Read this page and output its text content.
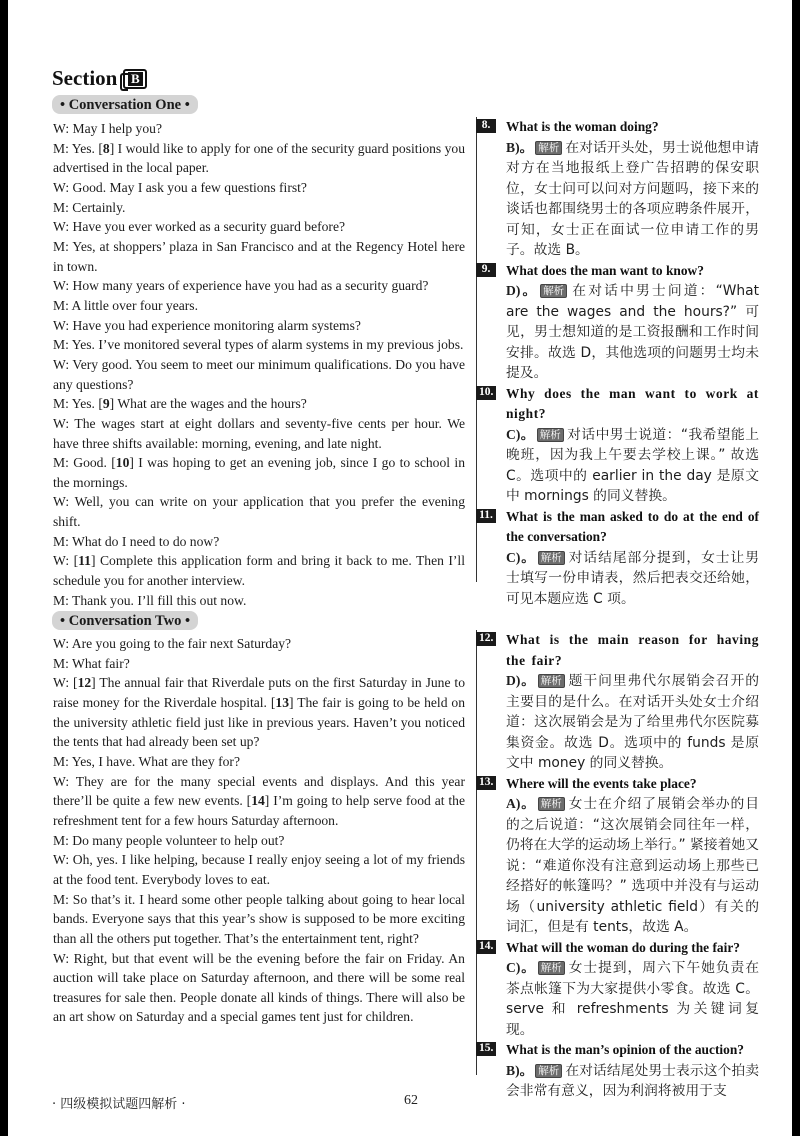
Section B
• Conversation One •

W: May I help you?

M: Yes. [8] I would like to apply for one of the security guard positions you advertised in the local paper.

W: Good. May I ask you a few questions first?

M: Certainly.

W: Have you ever worked as a security guard before?

M: Yes, at shoppers’ plaza in San Francisco and at the Regency Hotel here in town.

W: How many years of experience have you had as a security guard?

M: A little over four years.

W: Have you had experience monitoring alarm systems?

M: Yes. I’ve monitored several types of alarm systems in my previous jobs.

W: Very good. You seem to meet our minimum qualifications. Do you have any questions?

M: Yes. [9] What are the wages and the hours?

W: The wages start at eight dollars and seventy-five cents per hour. We have three shifts available: morning, evening, and late night.

M: Good. [10] I was hoping to get an evening job, since I go to school in the mornings.

W: Well, you can write on your application that you prefer the evening shift.

M: What do I need to do now?

W: [11] Complete this application form and bring it back to me. Then I’ll schedule you for another interview.

M: Thank you. I’ll fill this out now.

• Conversation Two •

W: Are you going to the fair next Saturday?

M: What fair?

W: [12] The annual fair that Riverdale puts on the first Saturday in June to raise money for the Riverdale hospital. [13] The fair is going to be held on the university athletic field just like in previous years. Haven’t you noticed the tents that had already been set up?

M: Yes, I have. What are they for?

W: They are for the many special events and displays. And this year there’ll be quite a few new events. [14] I’m going to help serve food at the refreshment tent for a few hours Saturday afternoon.

M: Do many people volunteer to help out?

W: Oh, yes. I like helping, because I really enjoy seeing a lot of my friends at the food tent. Everybody loves to eat.

M: So that’s it. I heard some other people talking about going to hear local bands. Everyone says that this year’s show is supposed to be more exciting than all the others put together. That’s the entertainment tent, right?

W: Right, but that event will be the evening before the fair on Friday. An auction will take place on Saturday afternoon, and there will be some real treasures for sale then. People donate all kinds of things. There will also be an art show on Saturday and a special games tent just for children.

8.	What is the woman doing?
B)。 解析 在对话开头处，男士说他想申请对方在当地报纸上登广告招聘的保安职位，女士问可以问对方问题吗，接下来的谈话也都围绕男士的各项应聘条件展开，可知，女士正在面试一位申请工作的男子。故选 B。
9.	What does the man want to know?
D)。 解析 在对话中男士问道：“What are the wages and the hours?” 可见，男士想知道的是工资报酬和工作时间安排。故选 D，其他选项的问题男士均未提及。
10. Why does the man want to work at night?
C)。 解析 对话中男士说道：“我希望能上晚班，因为我上午要去学校上课。” 故选 C。选项中的 earlier in the day 是原文中 mornings 的同义替换。
11. What is the man asked to do at the end of the conversation?
C)。 解析 对话结尾部分提到，女士让男士填写一份申请表，然后把表交还给她，可见本题应选 C 项。
12. What is the main reason for having the fair?
D)。 解析 题干问里弗代尔展销会召开的主要目的是什么。在对话开头处女士介绍道：这次展销会是为了给里弗代尔医院募集资金。故选 D。选项中的 funds 是原文中 money 的同义替换。
13. Where will the events take place?
A)。 解析 女士在介绍了展销会举办的目的之后说道：“这次展销会同往年一样，仍将在大学的运动场上举行。” 紧接着她又说：“难道你没有注意到运动场上那些已经搭好的帐篷吗？” 选项中并没有与运动场（university athletic field）有关的词汇，但是有 tents，故选 A。
14. What will the woman do during the fair?
C)。 解析 女士提到，周六下午她负责在茶点帐篷下为大家提供小零食。故选 C。serve 和 refreshments 为关键词复现。
15. What is the man’s opinion of the auction?
B)。 解析 在对话结尾处男士表示这个拍卖会非常有意义，因为利润将被用于支
· 四级模拟试题四解析 ·	62
